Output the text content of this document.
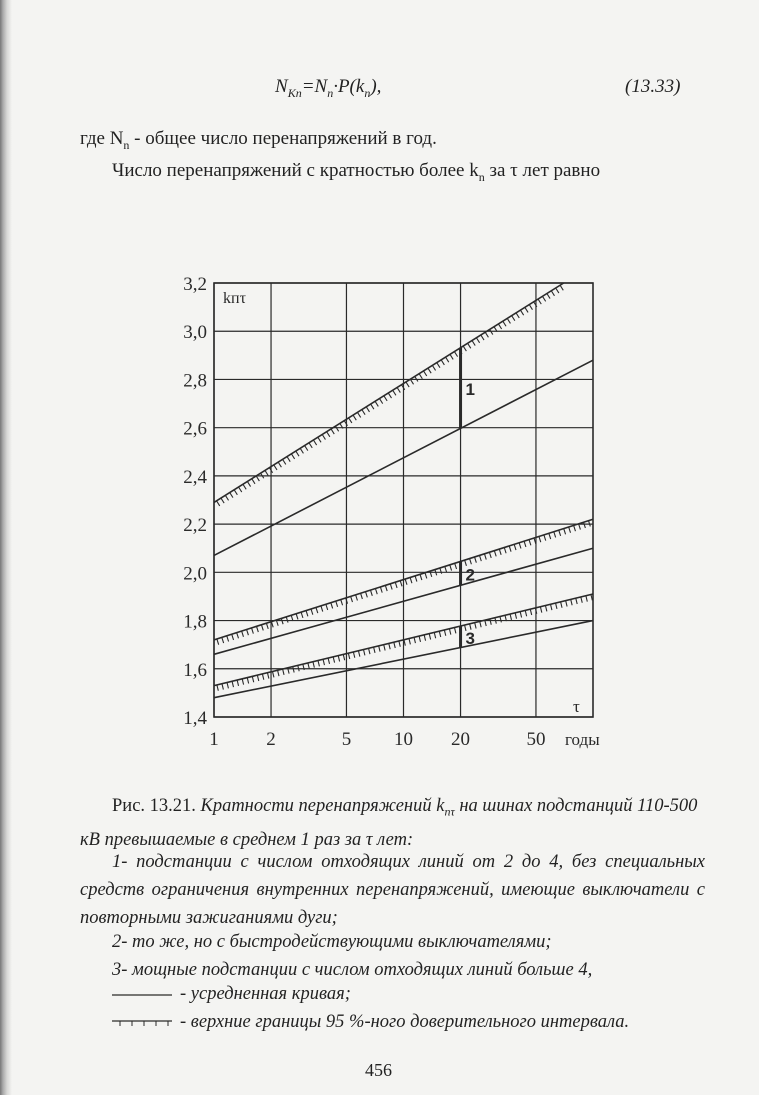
$N_{Kn}=N_n\cdot P(k_n)$,	(13.33)
где $N_n$ - общее число перенапряжений в год.
Число перенапряжений с кратностью более $k_n$ за τ лет равно
1,4
1,6
1,8
2,0
2,2
2,4
2,6
2,8
3,0
3,2
1	2	5 10 20	50
kпτ
τ
годы
1
2
3
Рис. 13.21. Кратности перенапряжений $k_{n\tau}$ на шинах подстанций 110-500 кВ превышаемые в среднем 1 раз за τ лет:
1- подстанции с числом отходящих линий от 2 до 4, без специальных средств ограничения внутренних перенапряжений, имеющие выключатели с повторными зажиганиями дуги;
2- то же, но с быстродействующими выключателями;
3- мощные подстанции с числом отходящих линий больше 4,
- усредненная кривая;
- верхние границы 95 %-ного доверительного интервала.
456
